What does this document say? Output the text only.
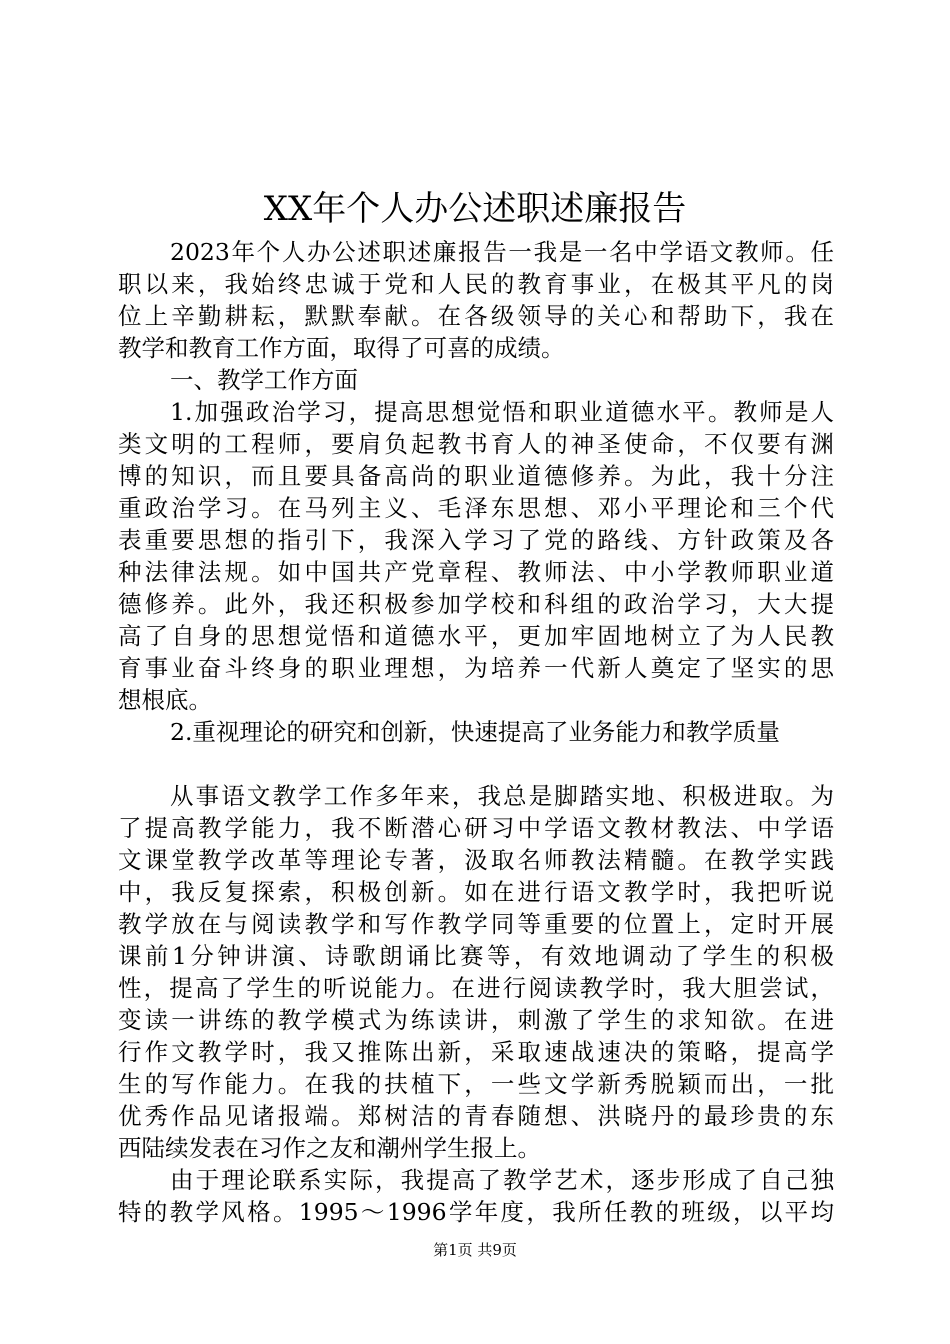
XX年个人办公述职述廉报告
2023年个人办公述职述廉报告一我是一名中学语文教师。任
职以来，我始终忠诚于党和人民的教育事业，在极其平凡的岗
位上辛勤耕耘，默默奉献。在各级领导的关心和帮助下，我在
教学和教育工作方面，取得了可喜的成绩。
一、教学工作方面
1.加强政治学习，提高思想觉悟和职业道德水平。教师是人
类文明的工程师，要肩负起教书育人的神圣使命，不仅要有渊
博的知识，而且要具备高尚的职业道德修养。为此，我十分注
重政治学习。在马列主义、毛泽东思想、邓小平理论和三个代
表重要思想的指引下，我深入学习了党的路线、方针政策及各
种法律法规。如中国共产党章程、教师法、中小学教师职业道
德修养。此外，我还积极参加学校和科组的政治学习，大大提
高了自身的思想觉悟和道德水平，更加牢固地树立了为人民教
育事业奋斗终身的职业理想，为培养一代新人奠定了坚实的思
想根底。
2.重视理论的研究和创新，快速提高了业务能力和教学质量
从事语文教学工作多年来，我总是脚踏实地、积极进取。为
了提高教学能力，我不断潜心研习中学语文教材教法、中学语
文课堂教学改革等理论专著，汲取名师教法精髓。在教学实践
中，我反复探索，积极创新。如在进行语文教学时，我把听说
教学放在与阅读教学和写作教学同等重要的位置上，定时开展
课前1分钟讲演、诗歌朗诵比赛等，有效地调动了学生的积极
性，提高了学生的听说能力。在进行阅读教学时，我大胆尝试，
变读一讲练的教学模式为练读讲，刺激了学生的求知欲。在进
行作文教学时，我又推陈出新，采取速战速决的策略，提高学
生的写作能力。在我的扶植下，一些文学新秀脱颖而出，一批
优秀作品见诸报端。郑树洁的青春随想、洪晓丹的最珍贵的东
西陆续发表在习作之友和潮州学生报上。
由于理论联系实际，我提高了教学艺术，逐步形成了自己独
特的教学风格。1995～1996学年度，我所任教的班级，以平均
第1页 共9页
